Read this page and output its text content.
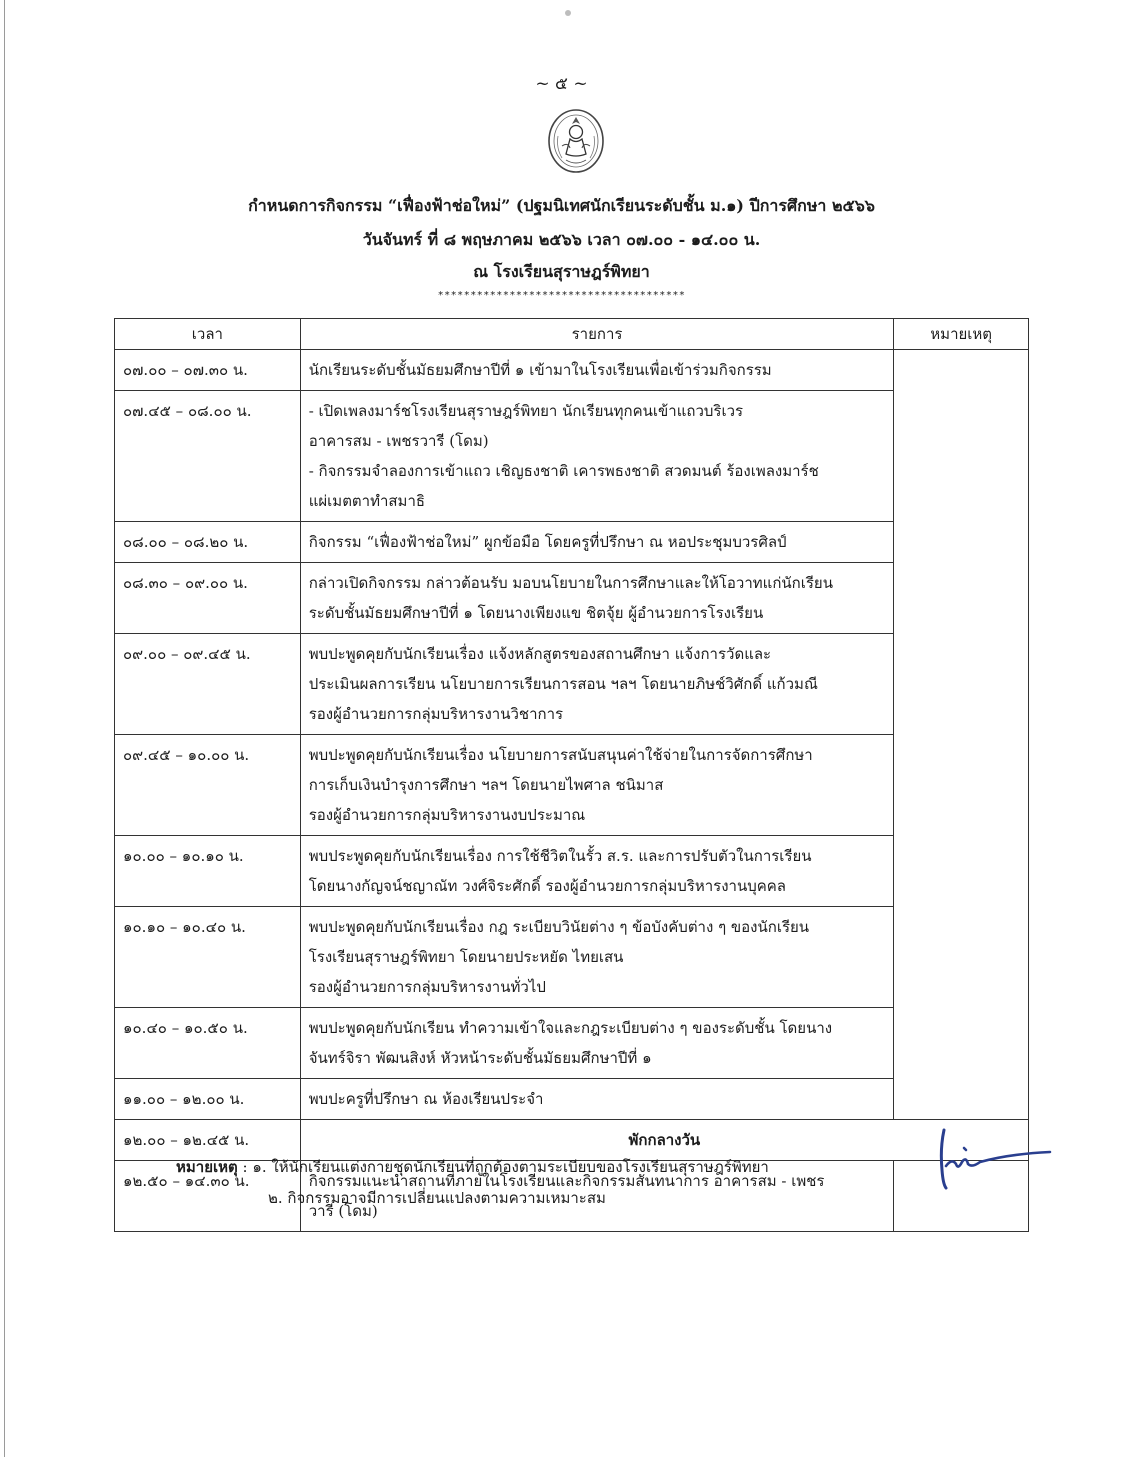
~ ๕ ~
กำหนดการกิจกรรม “เฟื่องฟ้าช่อใหม่” (ปฐมนิเทศนักเรียนระดับชั้น ม.๑) ปีการศึกษา ๒๕๖๖
วันจันทร์ ที่ ๘ พฤษภาคม ๒๕๖๖ เวลา ๐๗.๐๐ - ๑๔.๐๐ น.
ณ โรงเรียนสุราษฎร์พิทยา
**************************************
เวลา	รายการ	หมายเหตุ
๐๗.๐๐ – ๐๗.๓๐ น.	นักเรียนระดับชั้นมัธยมศึกษาปีที่ ๑ เข้ามาในโรงเรียนเพื่อเข้าร่วมกิจกรรม	

๐๗.๔๕ – ๐๘.๐๐ น.	- เปิดเพลงมาร์ชโรงเรียนสุราษฎร์พิทยา นักเรียนทุกคนเข้าแถวบริเวร
อาคารสม - เพชรวารี (โดม)
- กิจกรรมจำลองการเข้าแถว เชิญธงชาติ เคารพธงชาติ สวดมนต์ ร้องเพลงมาร์ช
แผ่เมตตาทำสมาธิ	

๐๘.๐๐ – ๐๘.๒๐ น.	กิจกรรม “เฟื่องฟ้าช่อใหม่” ผูกข้อมือ โดยครูที่ปรึกษา ณ หอประชุมบวรศิลป์	

๐๘.๓๐ – ๐๙.๐๐ น.	กล่าวเปิดกิจกรรม กล่าวต้อนรับ มอบนโยบายในการศึกษาและให้โอวาทแก่นักเรียน
ระดับชั้นมัธยมศึกษาปีที่ ๑ โดยนางเพียงแข ชิตจุ้ย ผู้อำนวยการโรงเรียน	

๐๙.๐๐ – ๐๙.๔๕ น.	พบปะพูดคุยกับนักเรียนเรื่อง แจ้งหลักสูตรของสถานศึกษา แจ้งการวัดและ
ประเมินผลการเรียน นโยบายการเรียนการสอน ฯลฯ โดยนายภิษช์วิศักดิ์ แก้วมณี
รองผู้อำนวยการกลุ่มบริหารงานวิชาการ	

๐๙.๔๕ – ๑๐.๐๐ น.	พบปะพูดคุยกับนักเรียนเรื่อง นโยบายการสนับสนุนค่าใช้จ่ายในการจัดการศึกษา
การเก็บเงินบำรุงการศึกษา ฯลฯ โดยนายไพศาล ชนิมาส
รองผู้อำนวยการกลุ่มบริหารงานงบประมาณ	

๑๐.๐๐ – ๑๐.๑๐ น.	พบประพูดคุยกับนักเรียนเรื่อง การใช้ชีวิตในรั้ว ส.ร. และการปรับตัวในการเรียน
โดยนางกัญจน์ชญาณัท วงศ์จิระศักดิ์ รองผู้อำนวยการกลุ่มบริหารงานบุคคล	

๑๐.๑๐ – ๑๐.๔๐ น.	พบปะพูดคุยกับนักเรียนเรื่อง กฎ ระเบียบวินัยต่าง ๆ ข้อบังคับต่าง ๆ ของนักเรียน
โรงเรียนสุราษฎร์พิทยา โดยนายประหยัด ไทยเสน
รองผู้อำนวยการกลุ่มบริหารงานทั่วไป	

๑๐.๔๐ – ๑๐.๕๐ น.	พบปะพูดคุยกับนักเรียน ทำความเข้าใจและกฎระเบียบต่าง ๆ ของระดับชั้น โดยนาง
จันทร์จิรา พัฒนสิงห์ หัวหน้าระดับชั้นมัธยมศึกษาปีที่ ๑	

๑๑.๐๐ – ๑๒.๐๐ น.	พบปะครูที่ปรึกษา ณ ห้องเรียนประจำ	

๑๒.๐๐ – ๑๒.๔๕ น.	พักกลางวัน	
๑๒.๕๐ – ๑๔.๓๐ น.	กิจกรรมแนะนำสถานที่ภายในโรงเรียนและกิจกรรมสันทนาการ อาคารสม - เพชร
วารี (โดม)	

หมายเหตุ : ๑. ให้นักเรียนแต่งกายชุดนักเรียนที่ถูกต้องตามระเบียบของโรงเรียนสุราษฎร์พิทยา
๒. กิจกรรมอาจมีการเปลี่ยนแปลงตามความเหมาะสม
